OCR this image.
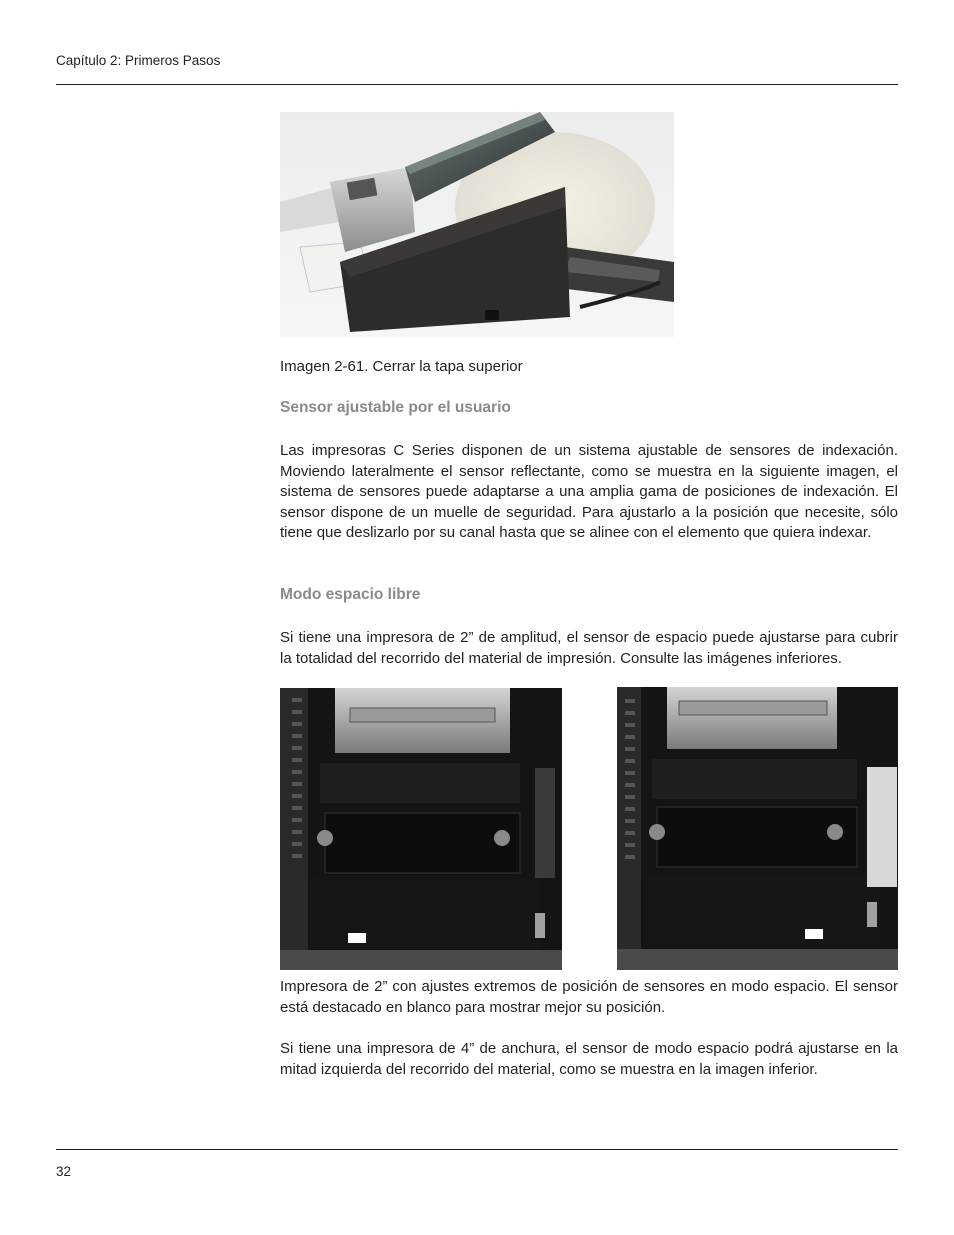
Capítulo 2: Primeros Pasos
Imagen 2-61. Cerrar la tapa superior
Sensor ajustable por el usuario

Las impresoras C Series disponen de un sistema ajustable de sensores de indexación. Moviendo lateralmente el sensor reflectante, como se muestra en la siguiente imagen, el sistema de sensores puede adaptarse a una amplia gama de posiciones de indexación. El sensor dispone de un muelle de seguridad. Para ajustarlo a la posición que necesite, sólo tiene que deslizarlo por su canal hasta que se alinee con el elemento que quiera indexar.

Modo espacio libre

Si tiene una impresora de 2” de amplitud, el sensor de espacio puede ajustarse para cubrir la totalidad del recorrido del material de impresión. Consulte las imágenes inferiores.

Impresora de 2” con ajustes extremos de posición de sensores en modo espacio. El sensor está destacado en blanco para mostrar mejor su posición.

Si tiene una impresora de 4” de anchura, el sensor de modo espacio podrá ajustarse en la mitad izquierda del recorrido del material, como se muestra en la imagen inferior.

32
